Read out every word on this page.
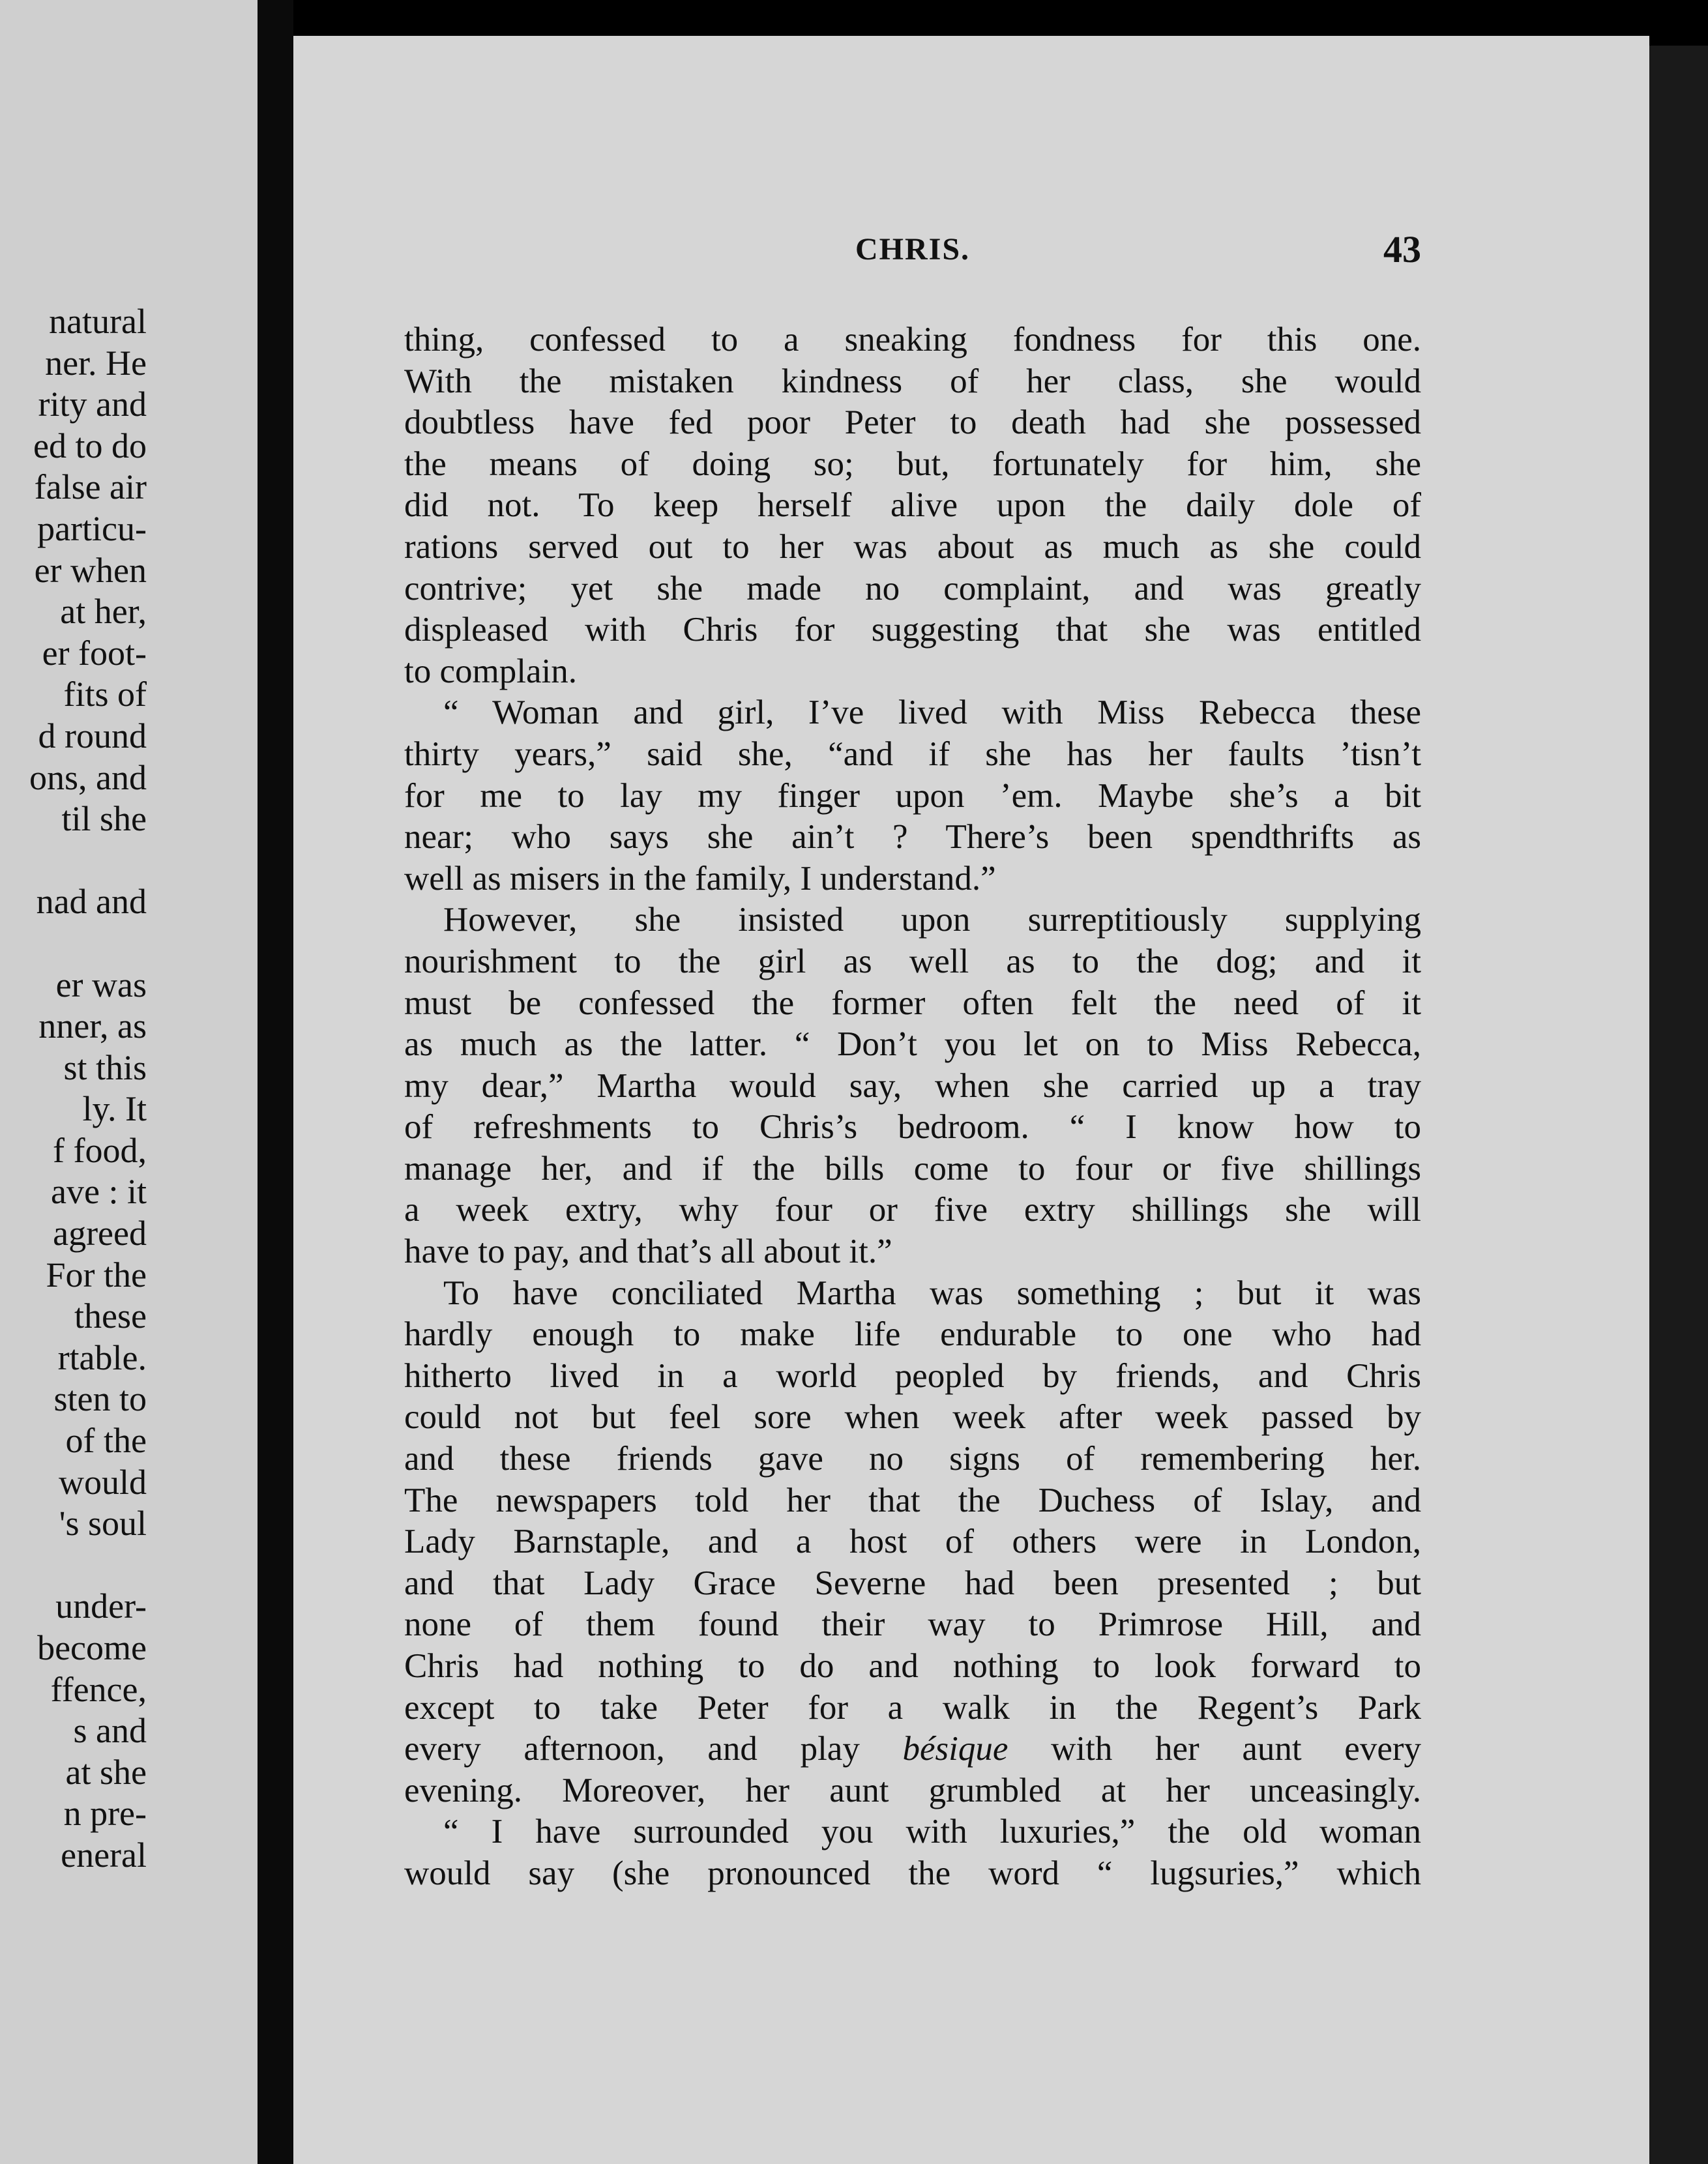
natural
ner. He
rity and
ed to do
false air
particu-
er when
at her,
er foot-
fits of
d round
ons, and
til she
nad and
er was
nner, as
st this
ly. It
f food,
ave : it
agreed
For the
these
rtable.
sten to
of the
would
's soul
under-
become
ffence,
s and
at she
n pre-
eneral
CHRIS.	43
thing, confessed to a sneaking fondness for this one.
With the mistaken kindness of her class, she would
doubtless have fed poor Peter to death had she possessed
the means of doing so; but, fortunately for him, she
did not. To keep herself alive upon the daily dole of
rations served out to her was about as much as she could
contrive; yet she made no complaint, and was greatly
displeased with Chris for suggesting that she was entitled
to complain.
“ Woman and girl, I’ve lived with Miss Rebecca these
thirty years,” said she, “and if she has her faults ’tisn’t
for me to lay my finger upon ’em. Maybe she’s a bit
near; who says she ain’t ? There’s been spendthrifts as
well as misers in the family, I understand.”
However, she insisted upon surreptitiously supplying
nourishment to the girl as well as to the dog; and it
must be confessed the former often felt the need of it
as much as the latter. “ Don’t you let on to Miss Rebecca,
my dear,” Martha would say, when she carried up a tray
of refreshments to Chris’s bedroom. “ I know how to
manage her, and if the bills come to four or five shillings
a week extry, why four or five extry shillings she will
have to pay, and that’s all about it.”
To have conciliated Martha was something ; but it was
hardly enough to make life endurable to one who had
hitherto lived in a world peopled by friends, and Chris
could not but feel sore when week after week passed by
and these friends gave no signs of remembering her.
The newspapers told her that the Duchess of Islay, and
Lady Barnstaple, and a host of others were in London,
and that Lady Grace Severne had been presented ; but
none of them found their way to Primrose Hill, and
Chris had nothing to do and nothing to look forward to
except to take Peter for a walk in the Regent’s Park
every afternoon, and play bésique with her aunt every
evening. Moreover, her aunt grumbled at her unceasingly.
“ I have surrounded you with luxuries,” the old woman
would say (she pronounced the word “ lugsuries,” which
